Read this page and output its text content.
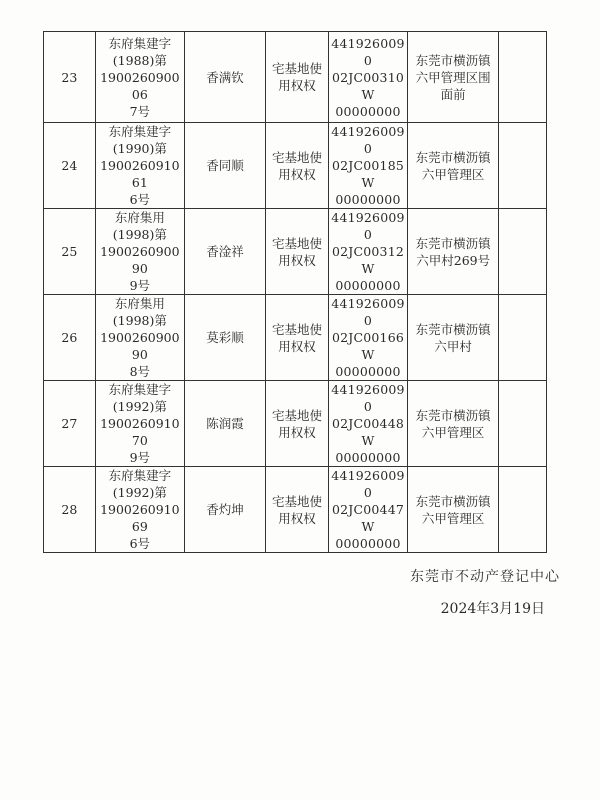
23	东府集建字
(1988)第
190026090006
7号	香满钦	宅基地使
用权权	4419260090
02JC00310W
00000000	东莞市横沥镇
六甲管理区围
面前	

24	东府集建字
(1990)第
190026091061
6号	香同顺	宅基地使
用权权	4419260090
02JC00185W
00000000	东莞市横沥镇
六甲管理区	

25	东府集用
(1998)第
190026090090
9号	香淦祥	宅基地使
用权权	4419260090
02JC00312W
00000000	东莞市横沥镇
六甲村269号	

26	东府集用
(1998)第
190026090090
8号	莫彩顺	宅基地使
用权权	4419260090
02JC00166W
00000000	东莞市横沥镇
六甲村	

27	东府集建字
(1992)第
190026091070
9号	陈润霞	宅基地使
用权权	4419260090
02JC00448W
00000000	东莞市横沥镇
六甲管理区	

28	东府集建字
(1992)第
190026091069
6号	香灼坤	宅基地使
用权权	4419260090
02JC00447W
00000000	东莞市横沥镇
六甲管理区	

东莞市不动产登记中心
2024年3月19日
